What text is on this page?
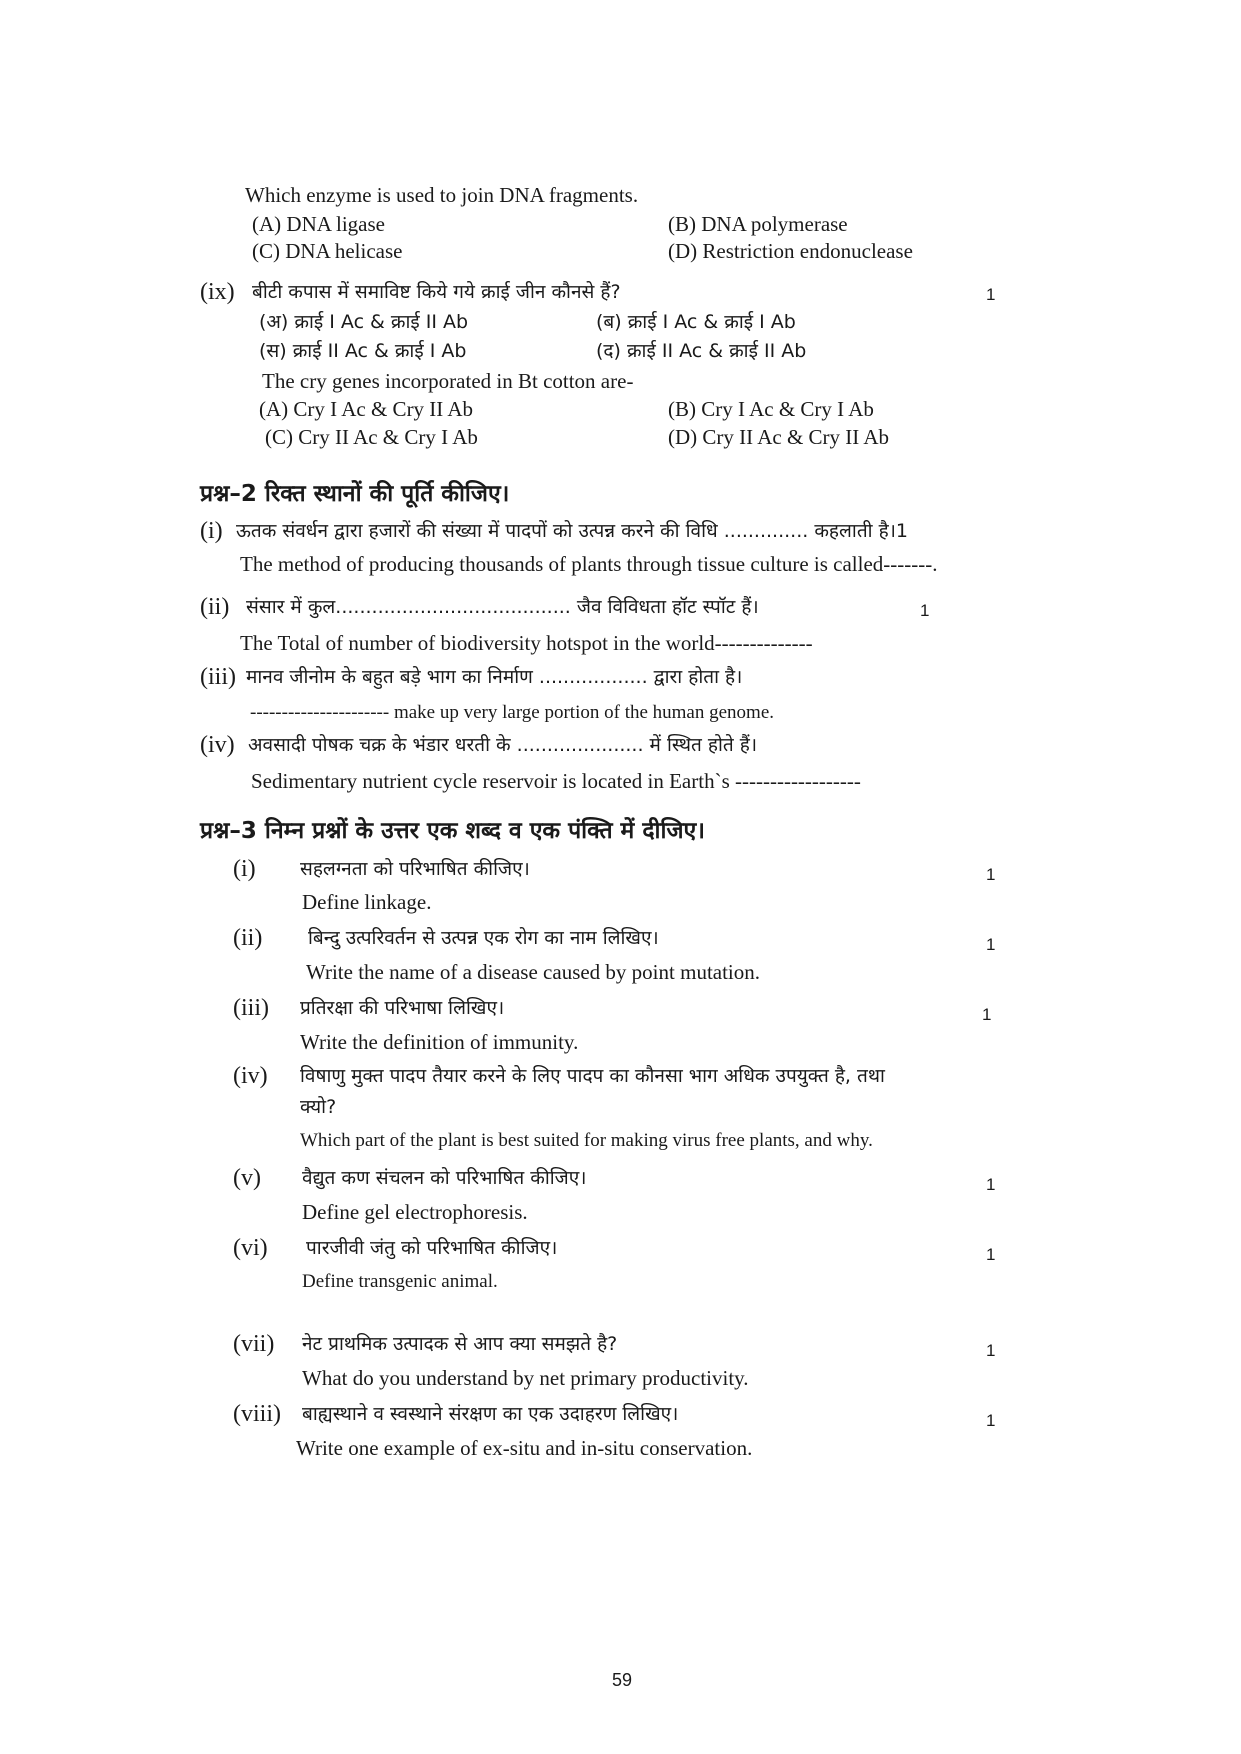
Which enzyme is used to join DNA fragments.
(A) DNA ligase	(B) DNA polymerase
(C) DNA helicase	(D) Restriction endonuclease
(ix) बीटी कपास में समाविष्ट किये गये क्राई जीन कौनसे हैं?	1
(अ) क्राई I Ac & क्राई II Ab	(ब) क्राई I Ac & क्राई I Ab
(स) क्राई II Ac & क्राई I Ab	(द) क्राई II Ac & क्राई II Ab
The cry genes incorporated in Bt cotton are-
(A) Cry I Ac & Cry II Ab	(B) Cry I Ac & Cry I Ab
(C) Cry II Ac & Cry I Ab	(D) Cry II Ac & Cry II Ab
प्रश्न–2 रिक्त स्थानों की पूर्ति कीजिए।
(i) ऊतक संवर्धन द्वारा हजारों की संख्या में पादपों को उत्पन्न करने की विधि .............. कहलाती है।1
The method of producing thousands of plants through tissue culture is called-------.
(ii) संसार में कुल....................................... जैव विविधता हॉट स्पॉट हैं।	1
The Total of number of biodiversity hotspot in the world--------------
(iii) मानव जीनोम के बहुत बड़े भाग का निर्माण .................. द्वारा होता है।
---------------------- make up very large portion of the human genome.
(iv) अवसादी पोषक चक्र के भंडार धरती के ..................... में स्थित होते हैं।
Sedimentary nutrient cycle reservoir is located in Earth`s ------------------
प्रश्न–3 निम्न प्रश्नों के उत्तर एक शब्द व एक पंक्ति में दीजिए।
(i) सहलग्नता को परिभाषित कीजिए।	1
Define linkage.
(ii) बिन्दु उत्परिवर्तन से उत्पन्न एक रोग का नाम लिखिए।	1
Write the name of a disease caused by point mutation.
(iii) प्रतिरक्षा की परिभाषा लिखिए।	1
Write the definition of immunity.
(iv) विषाणु मुक्त पादप तैयार करने के लिए पादप का कौनसा भाग अधिक उपयुक्त है, तथा
क्यो?
Which part of the plant is best suited for making virus free plants, and why.
(v) वैद्युत कण संचलन को परिभाषित कीजिए।	1
Define gel electrophoresis.
(vi) पारजीवी जंतु को परिभाषित कीजिए।	1
Define transgenic animal.
(vii) नेट प्राथमिक उत्पादक से आप क्या समझते है?	1
What do you understand by net primary productivity.
(viii) बाह्यस्थाने व स्वस्थाने संरक्षण का एक उदाहरण लिखिए।	1
Write one example of ex-situ and in-situ conservation.
59
